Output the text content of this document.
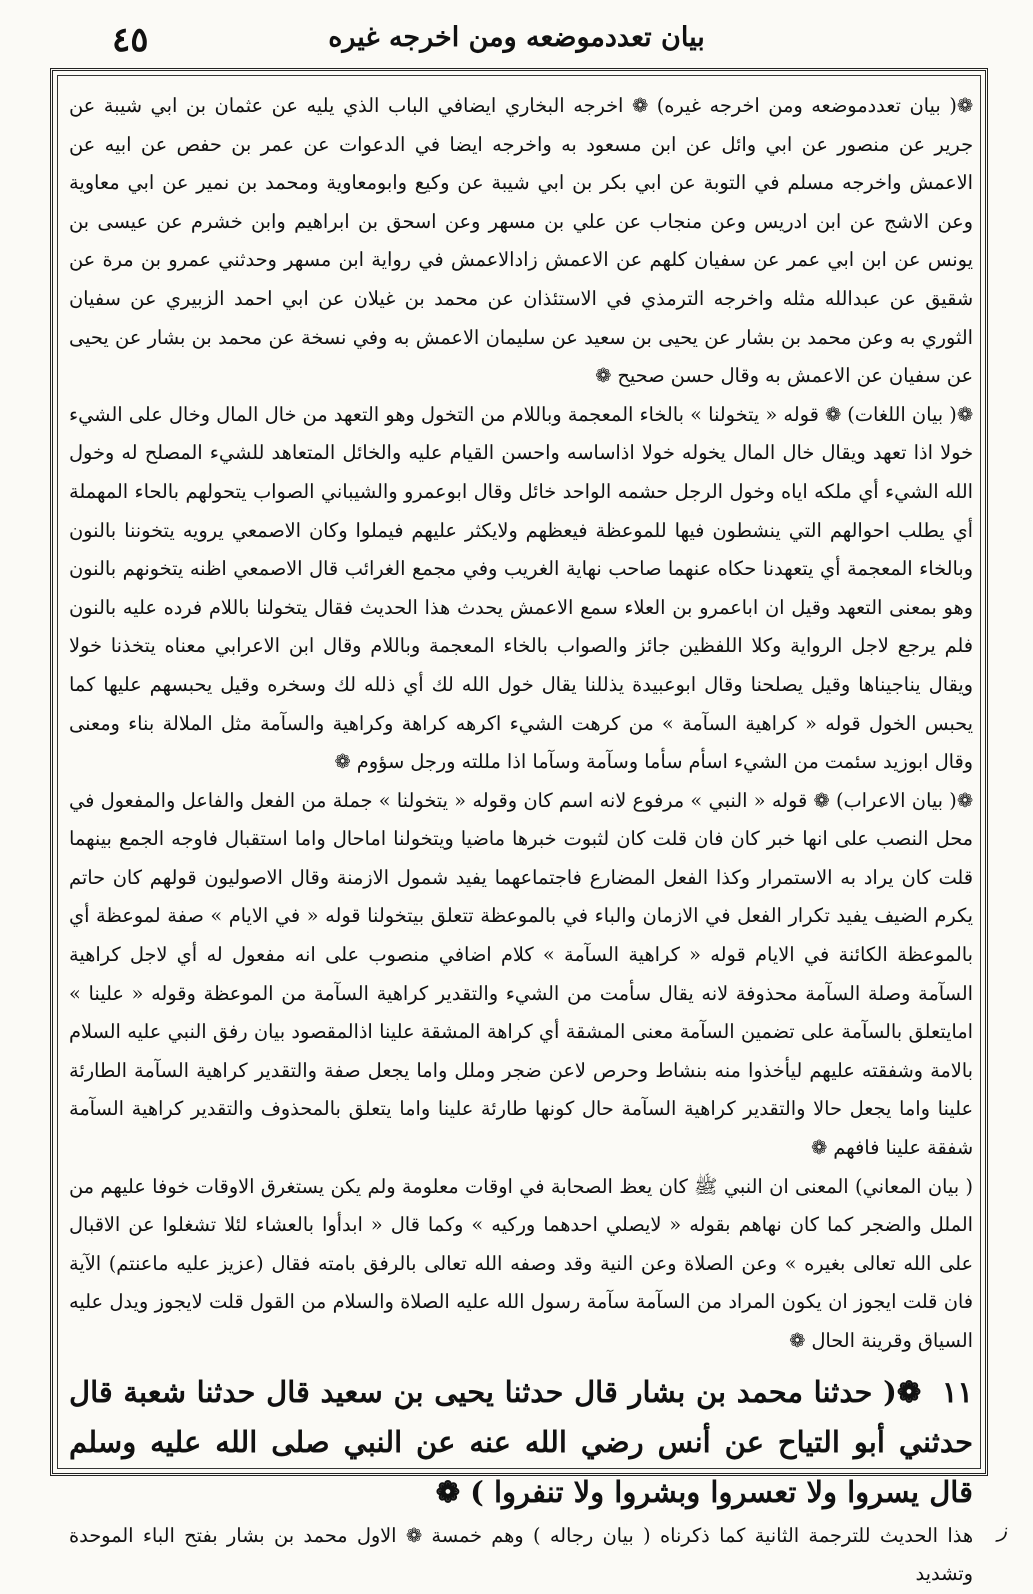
٤٥	بيان تعددموضعه ومن اخرجه غيره

❁( بيان تعددموضعه ومن اخرجه غيره) ❁ اخرجه البخاري ايضافي الباب الذي يليه عن عثمان بن ابي شيبة عن جرير عن منصور عن ابي وائل عن ابن مسعود به واخرجه ايضا في الدعوات عن عمر بن حفص عن ابيه عن الاعمش واخرجه مسلم في التوبة عن ابي بكر بن ابي شيبة عن وكيع وابومعاوية ومحمد بن نمير عن ابي معاوية وعن الاشج عن ابن ادريس وعن منجاب عن علي بن مسهر وعن اسحق بن ابراهيم وابن خشرم عن عيسى بن يونس عن ابن ابي عمر عن سفيان كلهم عن الاعمش زادالاعمش في رواية ابن مسهر وحدثني عمرو بن مرة عن شقيق عن عبدالله مثله واخرجه الترمذي في الاستئذان عن محمد بن غيلان عن ابي احمد الزبيري عن سفيان الثوري به وعن محمد بن بشار عن يحيى بن سعيد عن سليمان الاعمش به وفي نسخة عن محمد بن بشار عن يحيى عن سفيان عن الاعمش به وقال حسن صحيح ❁

❁( بيان اللغات) ❁ قوله « يتخولنا » بالخاء المعجمة وباللام من التخول وهو التعهد من خال المال وخال على الشيء خولا اذا تعهد ويقال خال المال يخوله خولا اذاساسه واحسن القيام عليه والخائل المتعاهد للشيء المصلح له وخول الله الشيء أي ملكه اياه وخول الرجل حشمه الواحد خائل وقال ابوعمرو والشيباني الصواب يتحولهم بالحاء المهملة أي يطلب احوالهم التي ينشطون فيها للموعظة فيعظهم ولايكثر عليهم فيملوا وكان الاصمعي يرويه يتخوننا بالنون وبالخاء المعجمة أي يتعهدنا حكاه عنهما صاحب نهاية الغريب وفي مجمع الغرائب قال الاصمعي اظنه يتخونهم بالنون وهو بمعنى التعهد وقيل ان اباعمرو بن العلاء سمع الاعمش يحدث هذا الحديث فقال يتخولنا باللام فرده عليه بالنون فلم يرجع لاجل الرواية وكلا اللفظين جائز والصواب بالخاء المعجمة وباللام وقال ابن الاعرابي معناه يتخذنا خولا ويقال يناجيناها وقيل يصلحنا وقال ابوعبيدة يذللنا يقال خول الله لك أي ذلله لك وسخره وقيل يحبسهم عليها كما يحبس الخول قوله « كراهية السآمة » من كرهت الشيء اكرهه كراهة وكراهية والسآمة مثل الملالة بناء ومعنى وقال ابوزيد سئمت من الشيء اسأم سأما وسآمة وسآما اذا مللته ورجل سؤوم ❁

❁( بيان الاعراب) ❁ قوله « النبي » مرفوع لانه اسم كان وقوله « يتخولنا » جملة من الفعل والفاعل والمفعول في محل النصب على انها خبر كان فان قلت كان لثبوت خبرها ماضيا ويتخولنا اماحال واما استقبال فاوجه الجمع بينهما قلت كان يراد به الاستمرار وكذا الفعل المضارع فاجتماعهما يفيد شمول الازمنة وقال الاصوليون قولهم كان حاتم يكرم الضيف يفيد تكرار الفعل في الازمان والباء في بالموعظة تتعلق بيتخولنا قوله « في الايام » صفة لموعظة أي بالموعظة الكائنة في الايام قوله « كراهية السآمة » كلام اضافي منصوب على انه مفعول له أي لاجل كراهية السآمة وصلة السآمة محذوفة لانه يقال سأمت من الشيء والتقدير كراهية السآمة من الموعظة وقوله « علينا » امايتعلق بالسآمة على تضمين السآمة معنى المشقة أي كراهة المشقة علينا اذالمقصود بيان رفق النبي عليه السلام بالامة وشفقته عليهم ليأخذوا منه بنشاط وحرص لاعن ضجر وملل واما يجعل صفة والتقدير كراهية السآمة الطارئة علينا واما يجعل حالا والتقدير كراهية السآمة حال كونها طارئة علينا واما يتعلق بالمحذوف والتقدير كراهية السآمة شفقة علينا فافهم ❁

( بيان المعاني) المعنى ان النبي ﷺ كان يعظ الصحابة في اوقات معلومة ولم يكن يستغرق الاوقات خوفا عليهم من الملل والضجر كما كان نهاهم بقوله « لايصلي احدهما وركيه » وكما قال « ابدأوا بالعشاء لئلا تشغلوا عن الاقبال على الله تعالى بغيره » وعن الصلاة وعن النية وقد وصفه الله تعالى بالرفق بامته فقال (عزيز عليه ماعنتم) الآية فان قلت ايجوز ان يكون المراد من السآمة سآمة رسول الله عليه الصلاة والسلام من القول قلت لايجوز ويدل عليه السياق وقرينة الحال ❁

١١ ❁( حدثنا محمد بن بشار قال حدثنا يحيى بن سعيد قال حدثنا شعبة قال حدثني أبو التياح عن أنس رضي الله عنه عن النبي صلى الله عليه وسلم قال يسروا ولا تعسروا وبشروا ولا تنفروا ) ❁

هذا الحديث للترجمة الثانية كما ذكرناه ( بيان رجاله ) وهم خمسة ❁ الاول محمد بن بشار بفتح الباء الموحدة وتشديد

ز
